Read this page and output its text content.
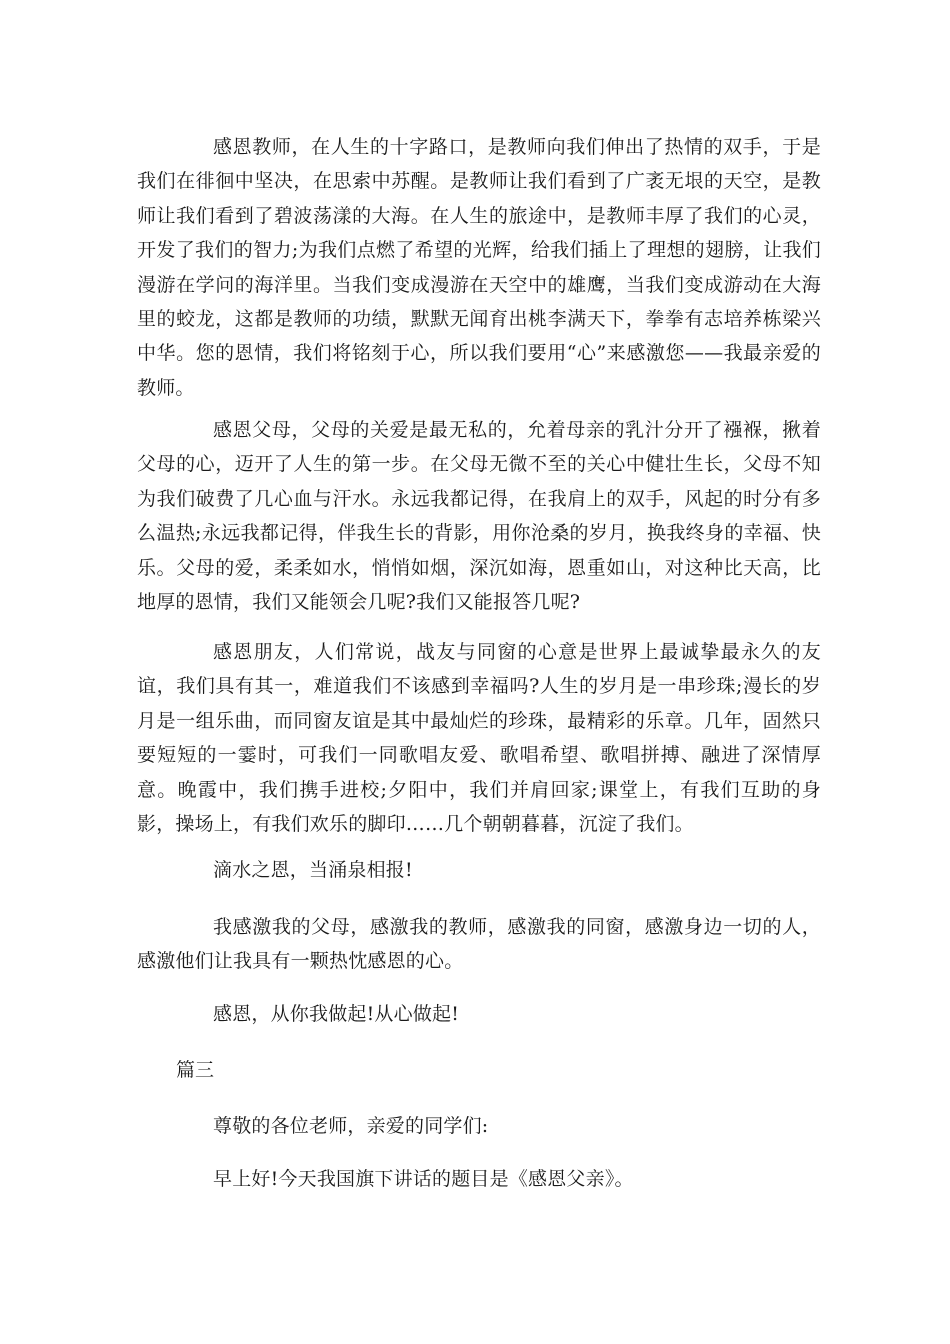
感恩教师，在人生的十字路口，是教师向我们伸出了热情的双手，于是我们在徘徊中坚决，在思索中苏醒。是教师让我们看到了广袤无垠的天空，是教师让我们看到了碧波荡漾的大海。在人生的旅途中，是教师丰厚了我们的心灵，开发了我们的智力;为我们点燃了希望的光辉，给我们插上了理想的翅膀，让我们漫游在学问的海洋里。当我们变成漫游在天空中的雄鹰，当我们变成游动在大海里的蛟龙，这都是教师的功绩，默默无闻育出桃李满天下，拳拳有志培养栋梁兴中华。您的恩情，我们将铭刻于心，所以我们要用“心”来感激您——我最亲爱的教师。

感恩父母，父母的关爱是最无私的，允着母亲的乳汁分开了襁褓，揪着父母的心，迈开了人生的第一步。在父母无微不至的关心中健壮生长，父母不知为我们破费了几心血与汗水。永远我都记得，在我肩上的双手，风起的时分有多么温热;永远我都记得，伴我生长的背影，用你沧桑的岁月，换我终身的幸福、快乐。父母的爱，柔柔如水，悄悄如烟，深沉如海，恩重如山，对这种比天高，比地厚的恩情，我们又能领会几呢?我们又能报答几呢?

感恩朋友，人们常说，战友与同窗的心意是世界上最诚挚最永久的友谊，我们具有其一，难道我们不该感到幸福吗?人生的岁月是一串珍珠;漫长的岁月是一组乐曲，而同窗友谊是其中最灿烂的珍珠，最精彩的乐章。几年，固然只要短短的一霎时，可我们一同歌唱友爱、歌唱希望、歌唱拼搏、融进了深情厚意。晚霞中，我们携手进校;夕阳中，我们并肩回家;课堂上，有我们互助的身影，操场上，有我们欢乐的脚印……几个朝朝暮暮，沉淀了我们。

滴水之恩，当涌泉相报!

我感激我的父母，感激我的教师，感激我的同窗，感激身边一切的人，感激他们让我具有一颗热忱感恩的心。

感恩，从你我做起!从心做起!

篇三

尊敬的各位老师，亲爱的同学们:

早上好!今天我国旗下讲话的题目是《感恩父亲》。
